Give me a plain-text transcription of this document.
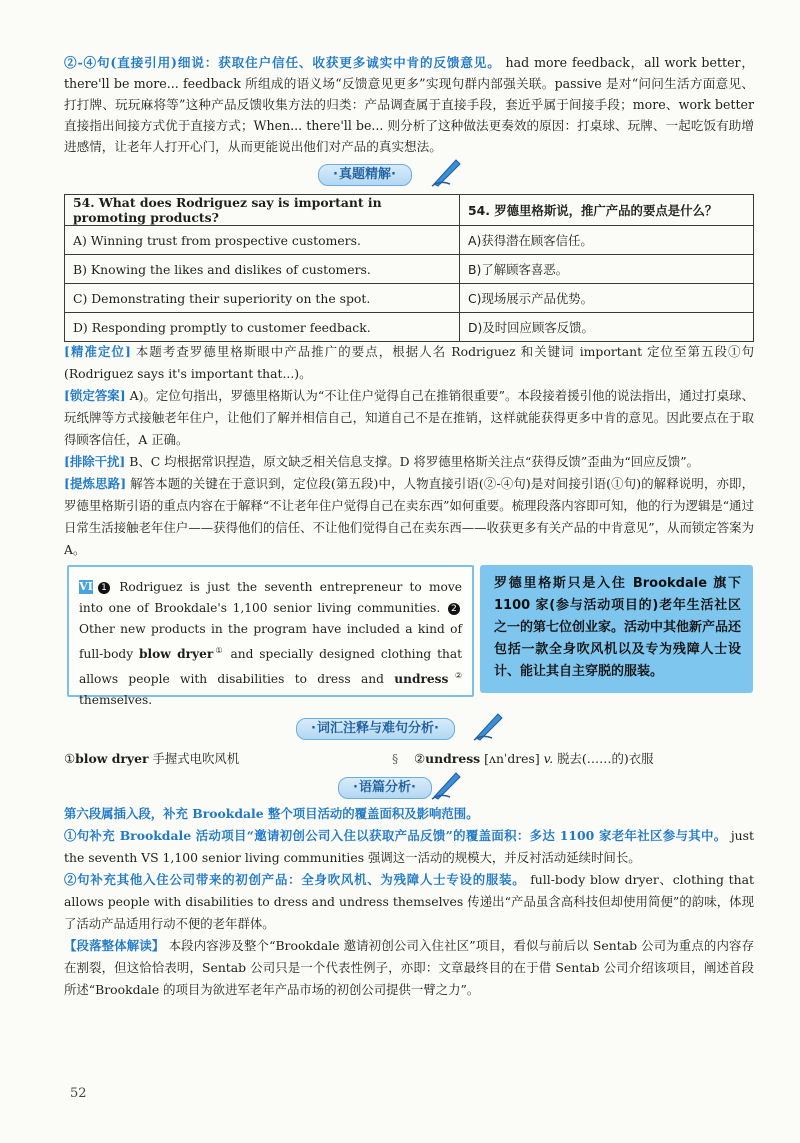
②-④句(直接引用)细说：获取住户信任、收获更多诚实中肯的反馈意见。 had more feedback，all work better，there'll be more... feedback 所组成的语义场“反馈意见更多”实现句群内部强关联。passive 是对“问问生活方面意见、打打牌、玩玩麻将等”这种产品反馈收集方法的归类：产品调查属于直接手段，套近乎属于间接手段；more、work better 直接指出间接方式优于直接方式；When... there'll be... 则分析了这种做法更奏效的原因：打桌球、玩牌、一起吃饭有助增进感情，让老年人打开心门，从而更能说出他们对产品的真实想法。
·真题精解·
54. What does Rodriguez say is important in promoting products?	54. 罗德里格斯说，推广产品的要点是什么？
A) Winning trust from prospective customers.	A)获得潜在顾客信任。
B) Knowing the likes and dislikes of customers.	B)了解顾客喜恶。
C) Demonstrating their superiority on the spot.	C)现场展示产品优势。
D) Responding promptly to customer feedback.	D)及时回应顾客反馈。
[精准定位] 本题考查罗德里格斯眼中产品推广的要点，根据人名 Rodriguez 和关键词 important 定位至第五段①句(Rodriguez says it's important that...)。
[锁定答案] A)。定位句指出，罗德里格斯认为“不让住户觉得自己在推销很重要”。本段接着援引他的说法指出，通过打桌球、玩纸牌等方式接触老年住户，让他们了解并相信自己，知道自己不是在推销，这样就能获得更多中肯的意见。因此要点在于取得顾客信任，A 正确。
[排除干扰] B、C 均根据常识捏造，原文缺乏相关信息支撑。D 将罗德里格斯关注点“获得反馈”歪曲为“回应反馈”。
[提炼思路] 解答本题的关键在于意识到，定位段(第五段)中，人物直接引语(②-④句)是对间接引语(①句)的解释说明，亦即，罗德里格斯引语的重点内容在于解释“不让老年住户觉得自己在卖东西”如何重要。梳理段落内容即可知，他的行为逻辑是“通过日常生活接触老年住户——获得他们的信任、不让他们觉得自己在卖东西——收获更多有关产品的中肯意见”，从而锁定答案为 A。
VI 1 Rodriguez is just the seventh entrepreneur to move into one of Brookdale's 1,100 senior living communities. 2 Other new products in the program have included a kind of full-body blow dryer① and specially designed clothing that allows people with disabilities to dress and undress② themselves.
罗德里格斯只是入住 Brookdale 旗下 1100 家(参与活动项目的)老年生活社区之一的第七位创业家。活动中其他新产品还包括一款全身吹风机以及专为残障人士设计、能让其自主穿脱的服装。
·词汇注释与难句分析·
①blow dryer 手握式电吹风机	§ ②undress [ʌnˈdres] v. 脱去(……的)衣服
·语篇分析·
第六段属插入段，补充 Brookdale 整个项目活动的覆盖面积及影响范围。
①句补充 Brookdale 活动项目“邀请初创公司入住以获取产品反馈”的覆盖面积：多达 1100 家老年社区参与其中。 just the seventh VS 1,100 senior living communities 强调这一活动的规模大，并反衬活动延续时间长。
②句补充其他入住公司带来的初创产品：全身吹风机、为残障人士专设的服装。 full-body blow dryer、clothing that allows people with disabilities to dress and undress themselves 传递出“产品虽含高科技但却使用简便”的韵味，体现了活动产品适用行动不便的老年群体。
【段落整体解读】 本段内容涉及整个“Brookdale 邀请初创公司入住社区”项目，看似与前后以 Sentab 公司为重点的内容存在割裂，但这恰恰表明，Sentab 公司只是一个代表性例子，亦即：文章最终目的在于借 Sentab 公司介绍该项目，阐述首段所述“Brookdale 的项目为欲进军老年产品市场的初创公司提供一臂之力”。
52
